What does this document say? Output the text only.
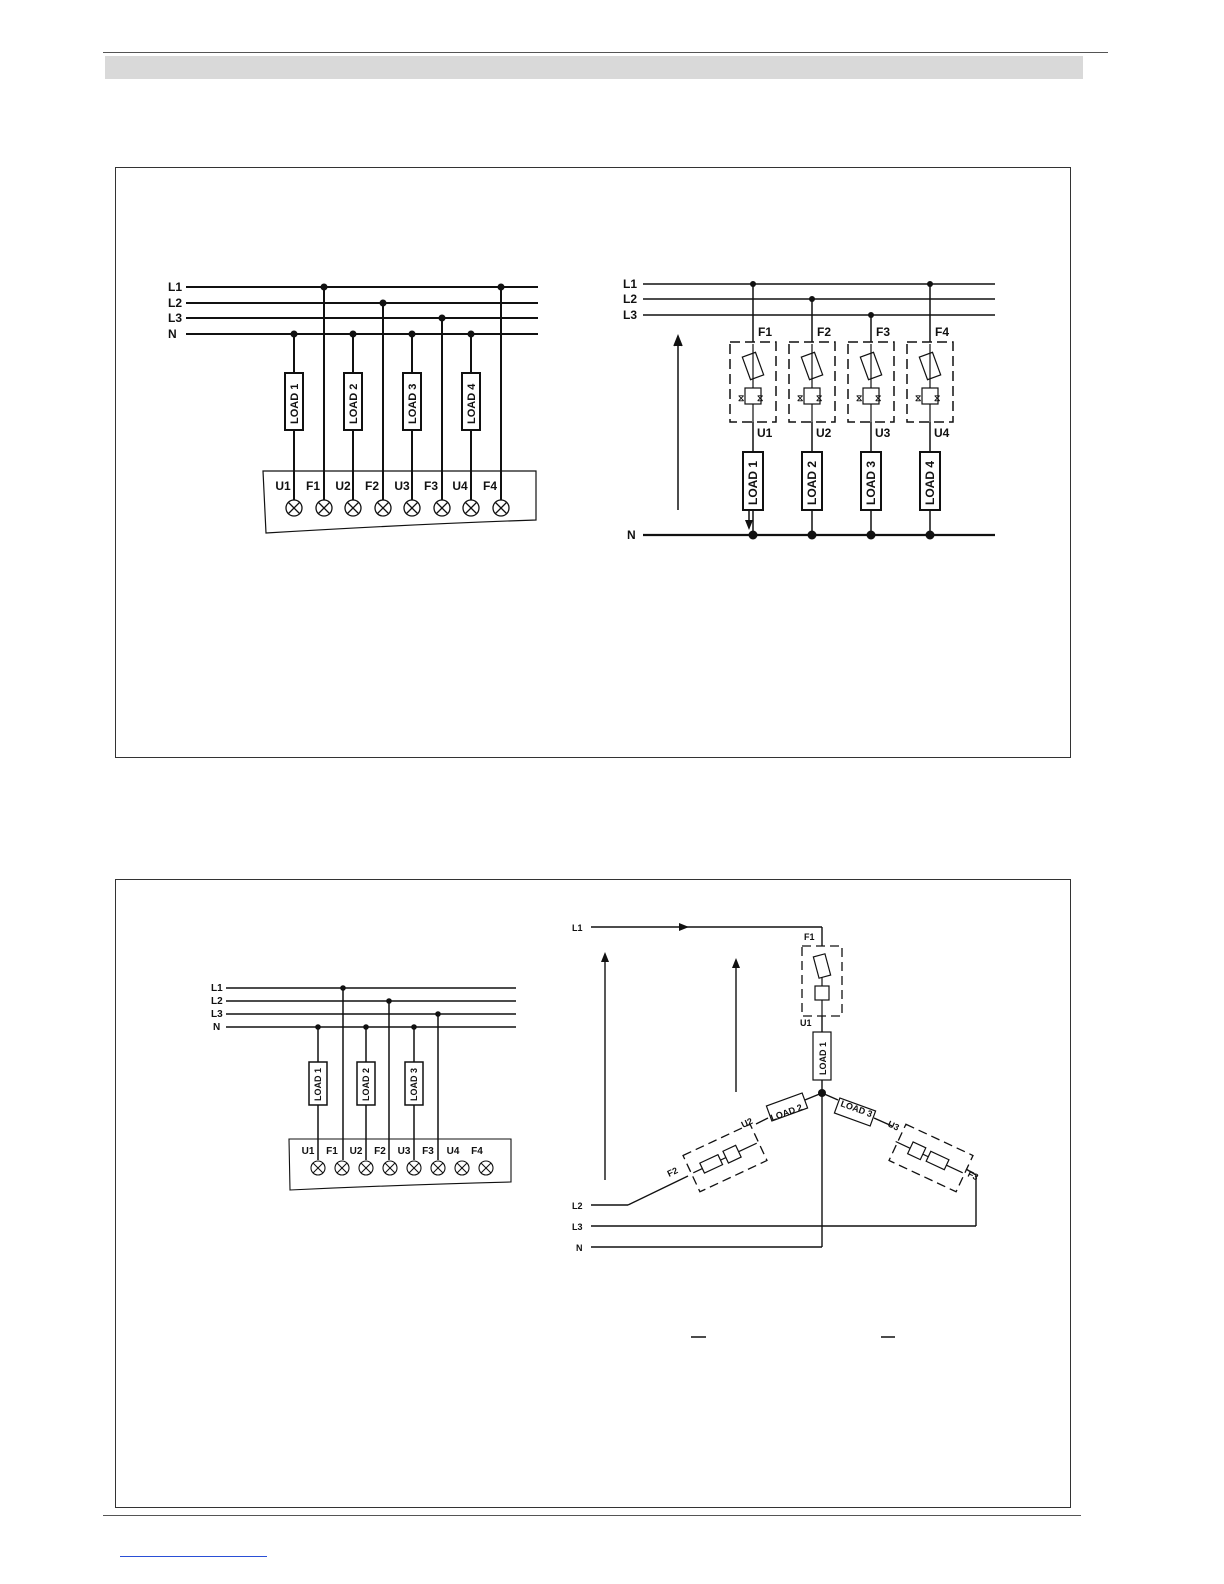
L1
L2
L3
N
LOAD 1	LOAD 2	LOAD 3	LOAD 4
U1 F1 U2 F2 U3 F3 U4 F4
⧖ ⧖	⧖ ⧖	⧖ ⧖	⧖ ⧖
L1
L2
L3
N
F1	F2	F3	F4
U1	U2	U3	U4
LOAD 1	LOAD 2	LOAD 3	LOAD 4
L1
L2
L3
N
LOAD 1	LOAD 2	LOAD 3
U1 F1 U2 F2 U3 F3 U4 F4
L1
L2
L3
N
F1
U1
F2
U2
F3
U3
LOAD 1
LOAD 2	LOAD 3
